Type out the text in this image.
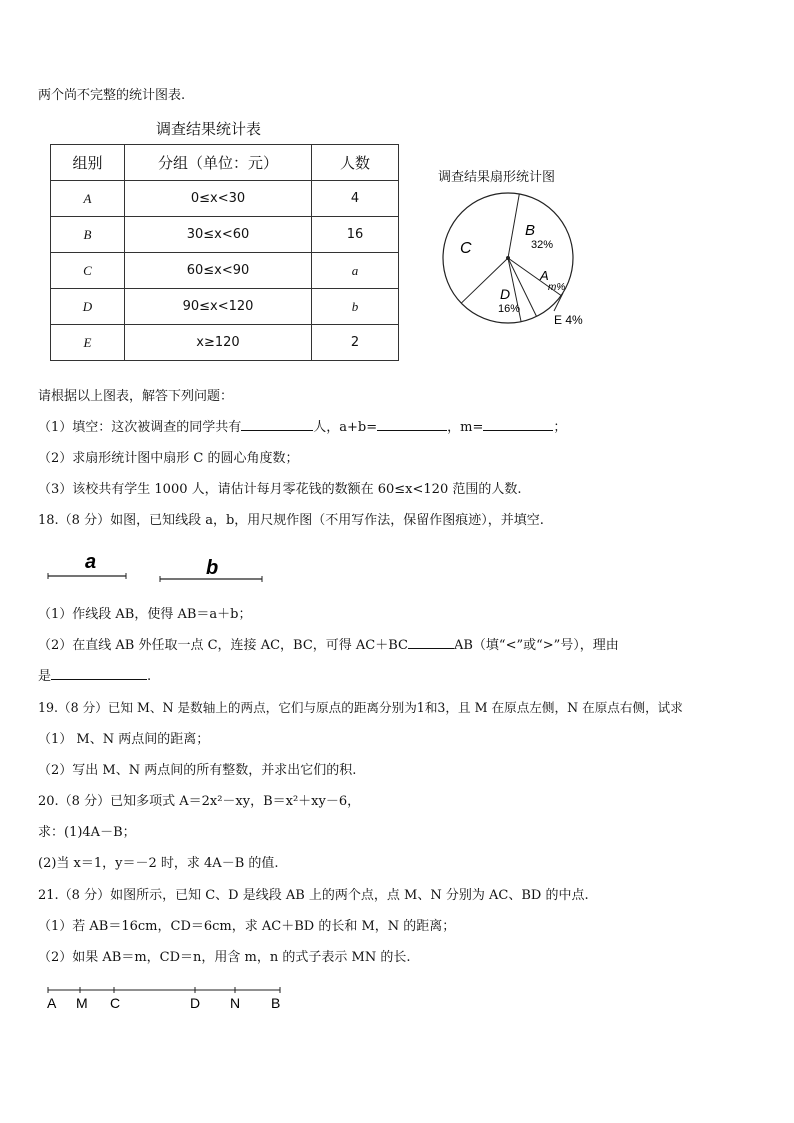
两个尚不完整的统计图表.
调查结果统计表
组别	分组（单位：元）	人数
A	0≤x<30	4
B	30≤x<60	16
C	60≤x<90	a
D	90≤x<120	b
E	x≥120	2
调查结果扇形统计图
C
B
32%
A
m%
D
16%
E 4%
请根据以上图表，解答下列问题：
（1）填空：这次被调查的同学共有	人，a+b=	，m=	；
（2）求扇形统计图中扇形 C 的圆心角度数；
（3）该校共有学生 1000 人，请估计每月零花钱的数额在 60≤x<120 范围的人数.
18.（8 分）如图，已知线段 a，b，用尺规作图（不用写作法，保留作图痕迹），并填空.
a	b
（1）作线段 AB，使得 AB＝a＋b；
（2）在直线 AB 外任取一点 C，连接 AC，BC，可得 AC＋BC	AB（填“<”或“>”号），理由
是	.
19.（8 分）已知 M、N 是数轴上的两点，它们与原点的距离分别为1和3，且 M 在原点左侧，N 在原点右侧，试求
（1） M、N 两点间的距离；
（2）写出 M、N 两点间的所有整数，并求出它们的积.
20.（8 分）已知多项式 A＝2x²－xy，B＝x²＋xy－6，
求：(1)4A－B；
(2)当 x＝1，y＝－2 时，求 4A－B 的值.
21.（8 分）如图所示，已知 C、D 是线段 AB 上的两个点，点 M、N 分别为 AC、BD 的中点.
（1）若 AB＝16cm，CD＝6cm，求 AC＋BD 的长和 M，N 的距离；
（2）如果 AB＝m，CD＝n，用含 m，n 的式子表示 MN 的长.
A M C	D N B
